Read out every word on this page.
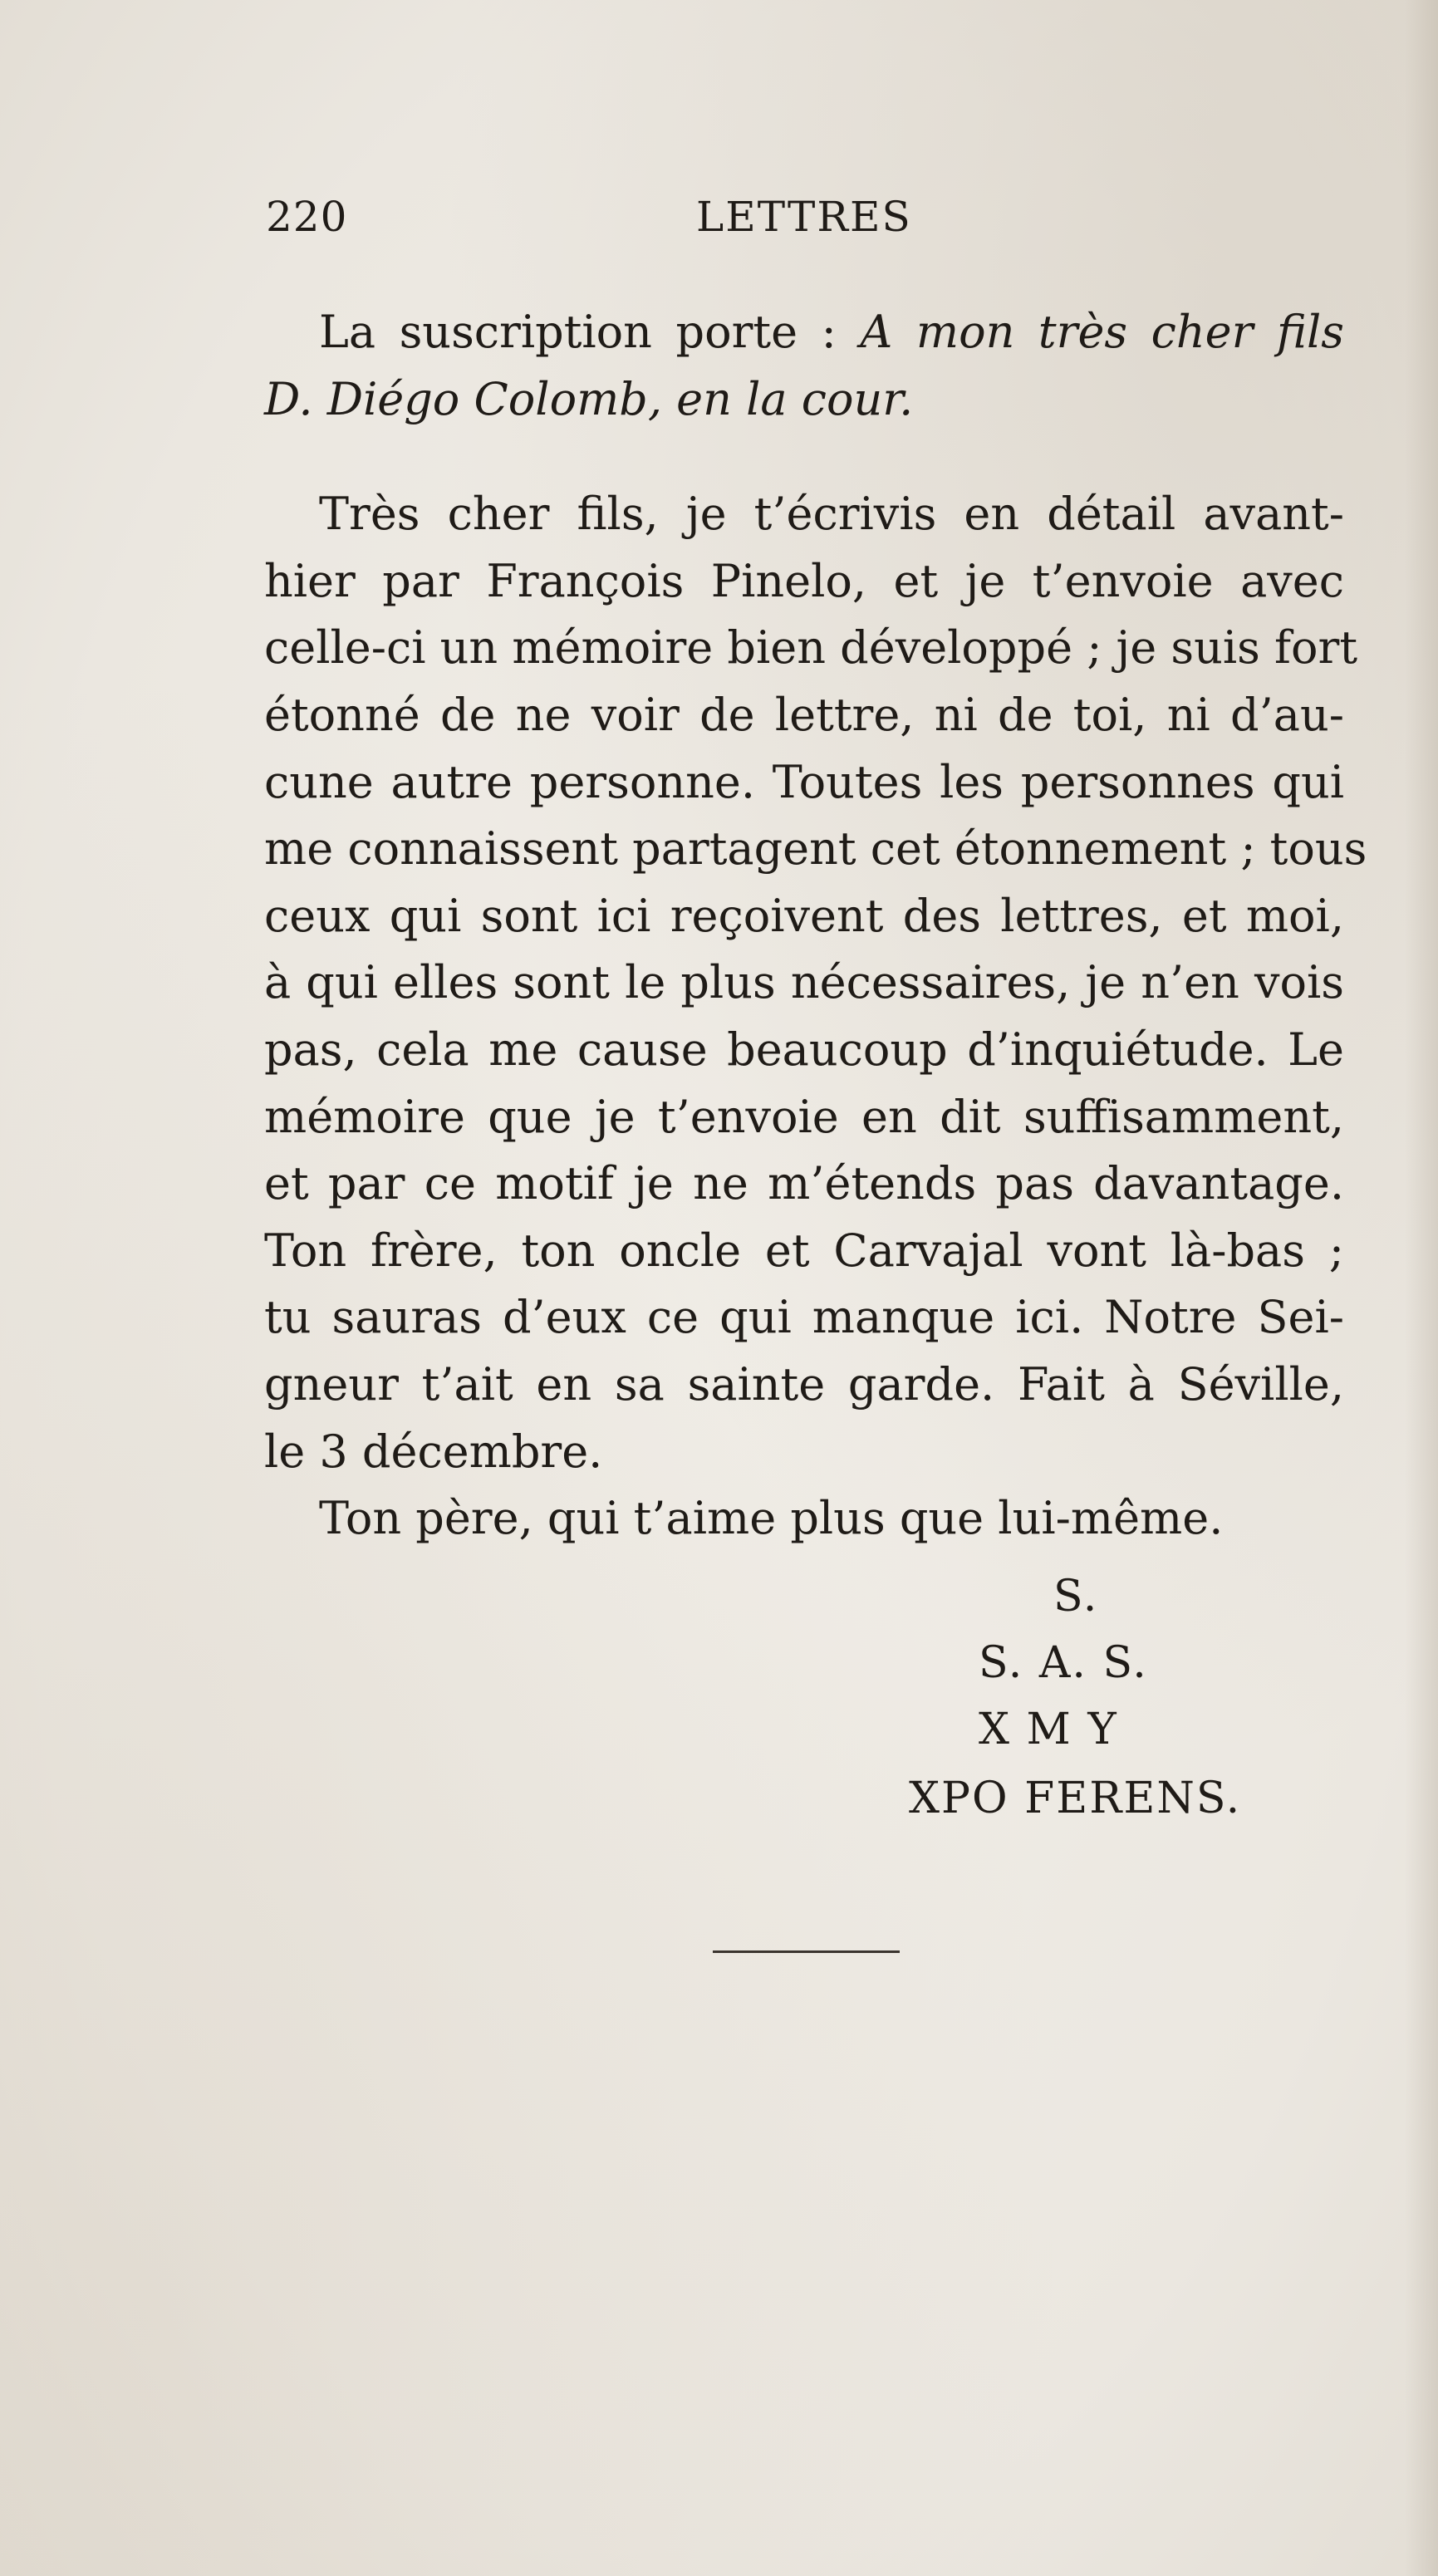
220	LETTRES
La suscription porte : A mon très cher fils
D. Diégo Colomb, en la cour.
Très cher fils, je t’écrivis en détail avant-
hier par François Pinelo, et je t’envoie avec
celle-ci un mémoire bien développé ; je suis fort
étonné de ne voir de lettre, ni de toi, ni d’au-
cune autre personne. Toutes les personnes qui
me connaissent partagent cet étonnement ; tous
ceux qui sont ici reçoivent des lettres, et moi,
à qui elles sont le plus nécessaires, je n’en vois
pas, cela me cause beaucoup d’inquiétude. Le
mémoire que je t’envoie en dit suffisamment,
et par ce motif je ne m’étends pas davantage.
Ton frère, ton oncle et Carvajal vont là-bas ;
tu sauras d’eux ce qui manque ici. Notre Sei-
gneur t’ait en sa sainte garde. Fait à Séville,
le 3 décembre.
Ton père, qui t’aime plus que lui-même.
S.
S. A. S.
X M Y
XPO FERENS.
